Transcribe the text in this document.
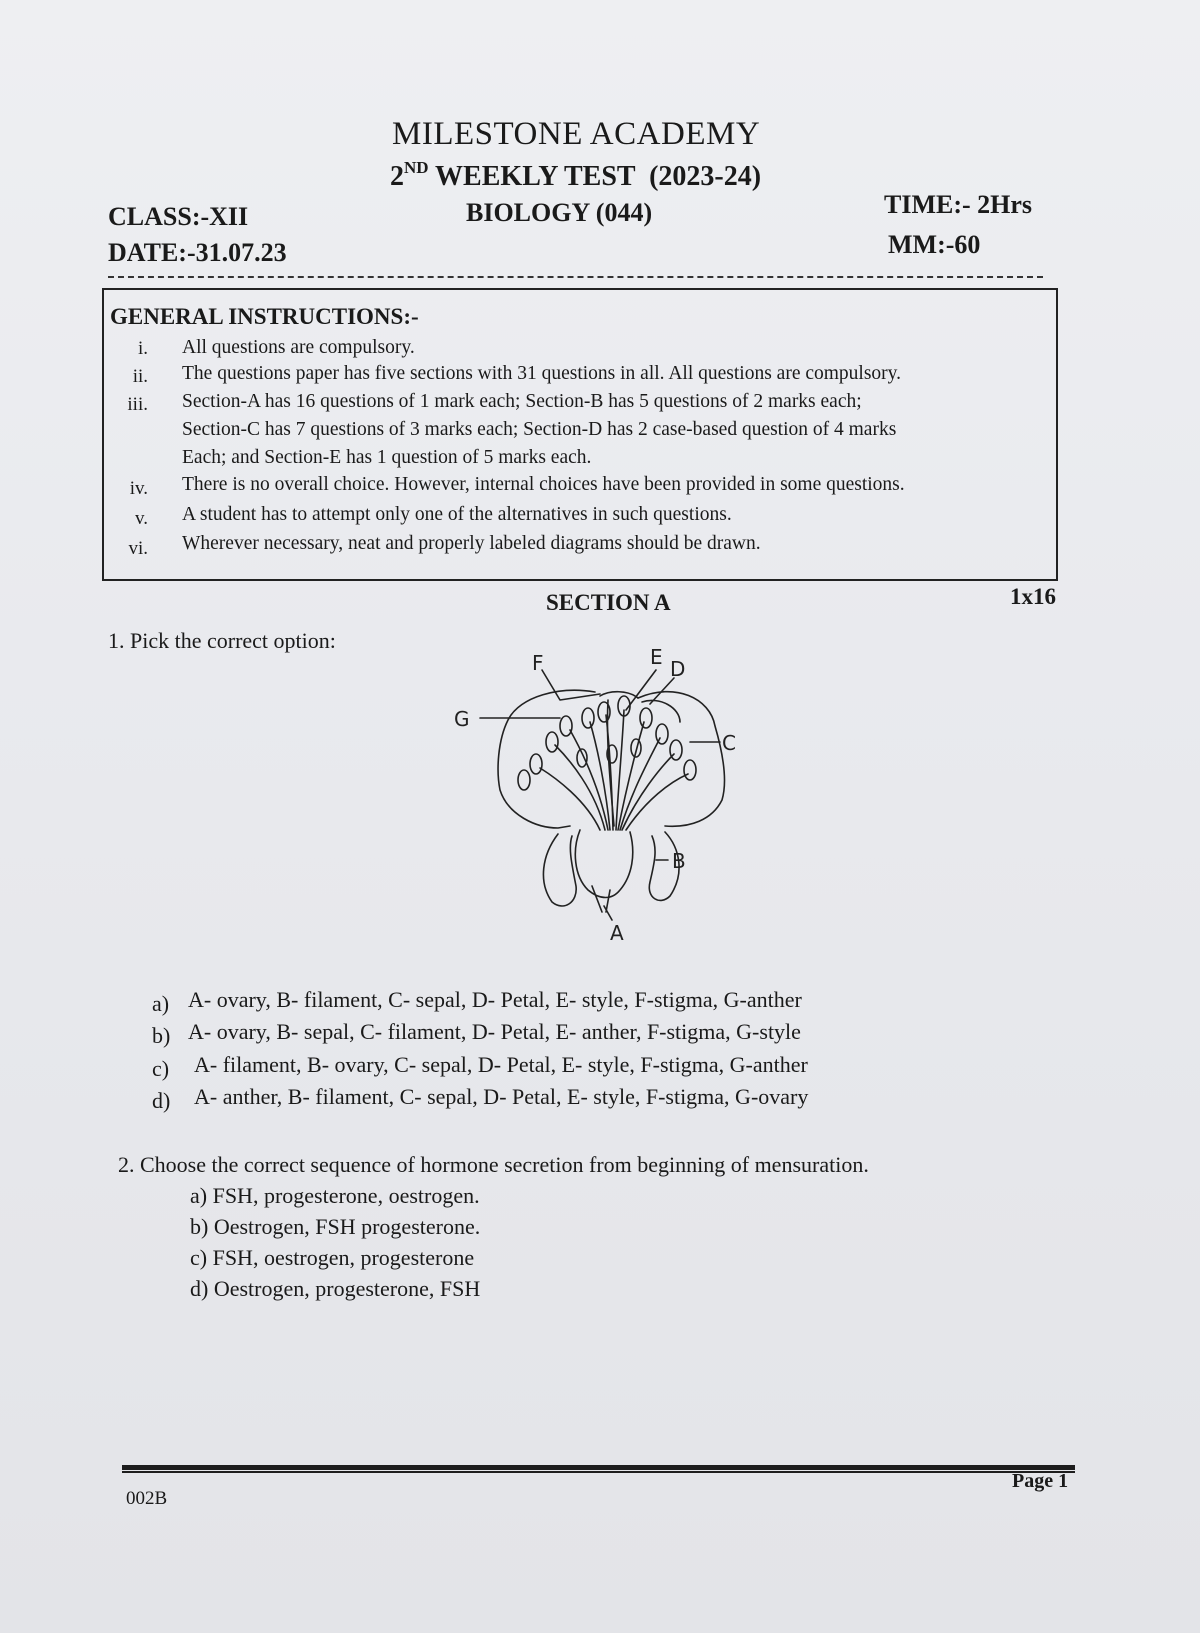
MILESTONE ACADEMY
2ND WEEKLY TEST  (2023-24)
CLASS:-XII	BIOLOGY (044)	TIME:- 2Hrs
DATE:-31.07.23	MM:-60
GENERAL INSTRUCTIONS:-
i. All questions are compulsory.
ii. The questions paper has five sections with 31 questions in all. All questions are compulsory.
iii. Section-A has 16 questions of 1 mark each; Section-B has 5 questions of 2 marks each;
Section-C has 7 questions of 3 marks each; Section-D has 2 case-based question of 4 marks
Each; and Section-E has 1 question of 5 marks each.
iv. There is no overall choice. However, internal choices have been provided in some questions.
v. A student has to attempt only one of the alternatives in such questions.
vi. Wherever necessary, neat and properly labeled diagrams should be drawn.
SECTION A	1x16
1. Pick the correct option:
F	E D
G
C
B
A
a) A- ovary, B- filament, C- sepal, D- Petal, E- style, F-stigma, G-anther
b) A- ovary, B- sepal, C- filament, D- Petal, E- anther, F-stigma, G-style
c) A- filament, B- ovary, C- sepal, D- Petal, E- style, F-stigma, G-anther
d) A- anther, B- filament, C- sepal, D- Petal, E- style, F-stigma, G-ovary
2. Choose the correct sequence of hormone secretion from beginning of mensuration.
a) FSH, progesterone, oestrogen.
b) Oestrogen, FSH progesterone.
c) FSH, oestrogen, progesterone
d) Oestrogen, progesterone, FSH
002B
Page 1
